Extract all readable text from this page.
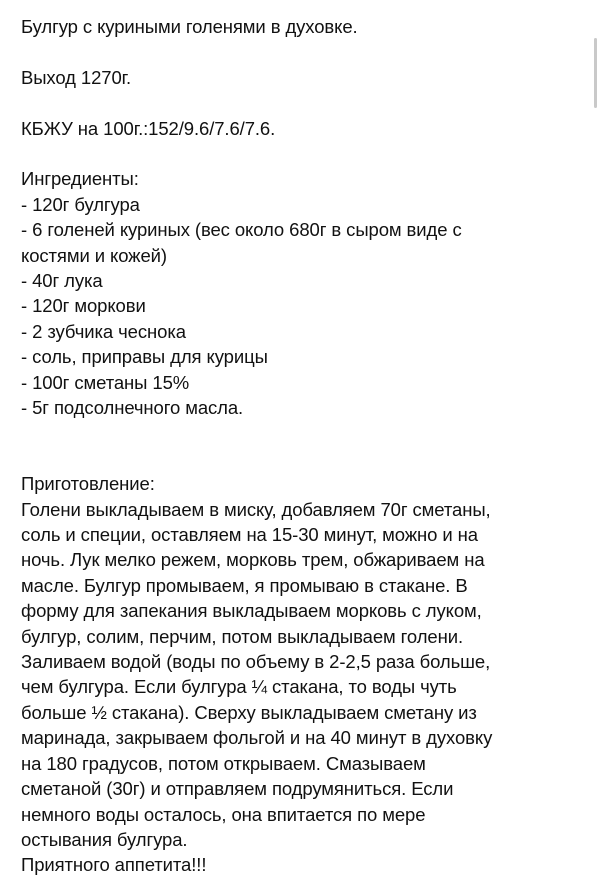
Булгур с куриными голенями в духовке.
Выход 1270г.
КБЖУ на 100г.:152/9.6/7.6/7.6.
Ингредиенты:
- 120г булгура
- 6 голеней куриных (вес около 680г в сыром виде с
костями и кожей)
- 40г лука
- 120г моркови
- 2 зубчика чеснока
- соль, приправы для курицы
- 100г сметаны 15%
- 5г подсолнечного масла.
Приготовление:
Голени выкладываем в миску, добавляем 70г сметаны,
соль и специи, оставляем на 15-30 минут, можно и на
ночь. Лук мелко режем, морковь трем, обжариваем на
масле. Булгур промываем, я промываю в стакане. В
форму для запекания выкладываем морковь с луком,
булгур, солим, перчим, потом выкладываем голени.
Заливаем водой (воды по объему в 2-2,5 раза больше,
чем булгура. Если булгура ¼ стакана, то воды чуть
больше ½ стакана). Сверху выкладываем сметану из
маринада, закрываем фольгой и на 40 минут в духовку
на 180 градусов, потом открываем. Смазываем
сметаной (30г) и отправляем подрумяниться. Если
немного воды осталось, она впитается по мере
остывания булгура.
Приятного аппетита!!!
